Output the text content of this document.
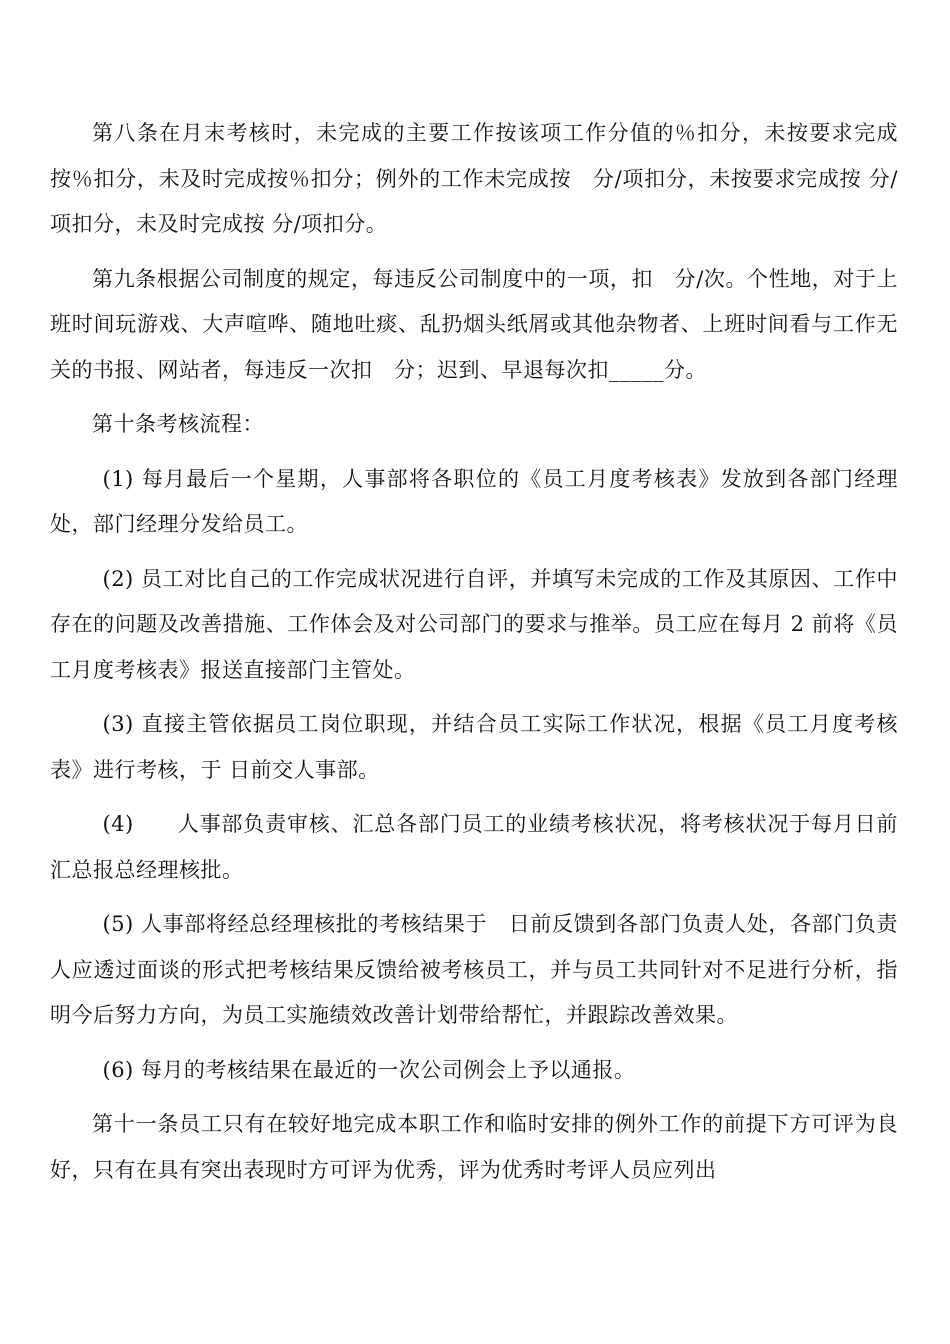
第八条在月末考核时，未完成的主要工作按该项工作分值的％扣分，未按要求完成按％扣分，未及时完成按％扣分；例外的工作未完成按　分/项扣分，未按要求完成按 分/项扣分，未及时完成按 分/项扣分。

第九条根据公司制度的规定，每违反公司制度中的一项，扣　分/次。个性地，对于上班时间玩游戏、大声喧哗、随地吐痰、乱扔烟头纸屑或其他杂物者、上班时间看与工作无关的书报、网站者，每违反一次扣　分；迟到、早退每次扣_____分。

第十条考核流程：

(1) 每月最后一个星期，人事部将各职位的《员工月度考核表》发放到各部门经理处，部门经理分发给员工。

(2) 员工对比自己的工作完成状况进行自评，并填写未完成的工作及其原因、工作中存在的问题及改善措施、工作体会及对公司部门的要求与推举。员工应在每月 2 前将《员工月度考核表》报送直接部门主管处。

(3) 直接主管依据员工岗位职现，并结合员工实际工作状况，根据《员工月度考核表》进行考核，于 日前交人事部。

(4)　　人事部负责审核、汇总各部门员工的业绩考核状况，将考核状况于每月日前汇总报总经理核批。

(5) 人事部将经总经理核批的考核结果于　日前反馈到各部门负责人处，各部门负责人应透过面谈的形式把考核结果反馈给被考核员工，并与员工共同针对不足进行分析，指明今后努力方向，为员工实施绩效改善计划带给帮忙，并跟踪改善效果。

(6) 每月的考核结果在最近的一次公司例会上予以通报。

第十一条员工只有在较好地完成本职工作和临时安排的例外工作的前提下方可评为良好，只有在具有突出表现时方可评为优秀，评为优秀时考评人员应列出
